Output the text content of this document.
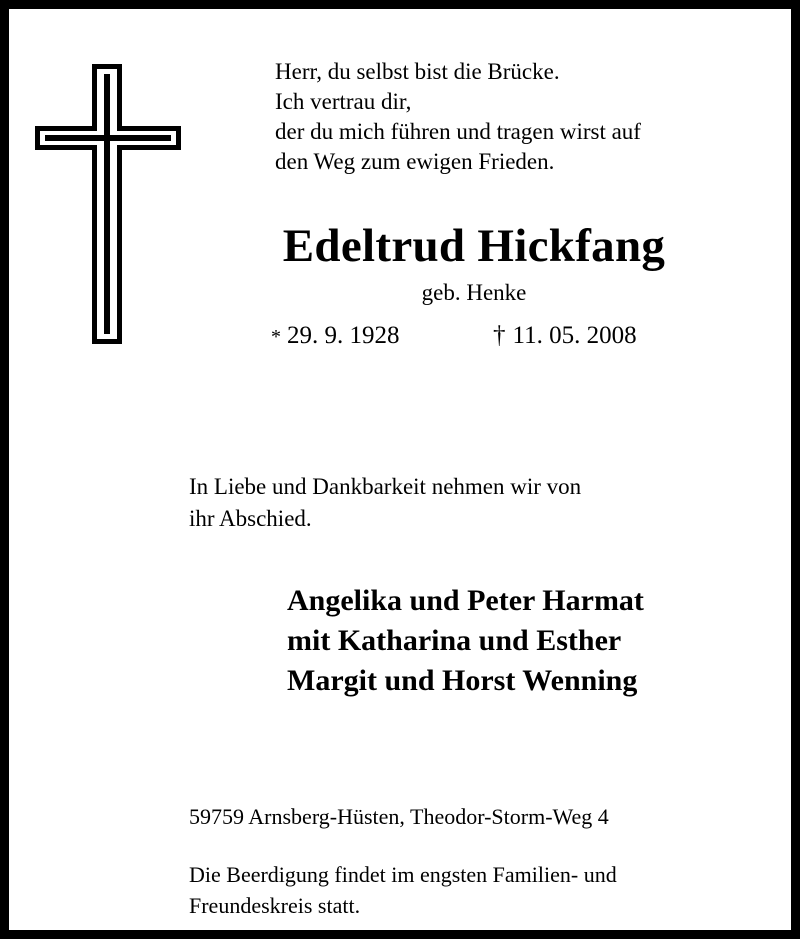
Herr, du selbst bist die Brücke.
Ich vertrau dir,
der du mich führen und tragen wirst auf
den Weg zum ewigen Frieden.
Edeltrud Hickfang
geb. Henke
* 29. 9. 1928	† 11. 05. 2008
In Liebe und Dankbarkeit nehmen wir von
ihr Abschied.
Angelika und Peter Harmat
mit Katharina und Esther
Margit und Horst Wenning
59759 Arnsberg-Hüsten, Theodor-Storm-Weg 4
Die Beerdigung findet im engsten Familien- und
Freundeskreis statt.
